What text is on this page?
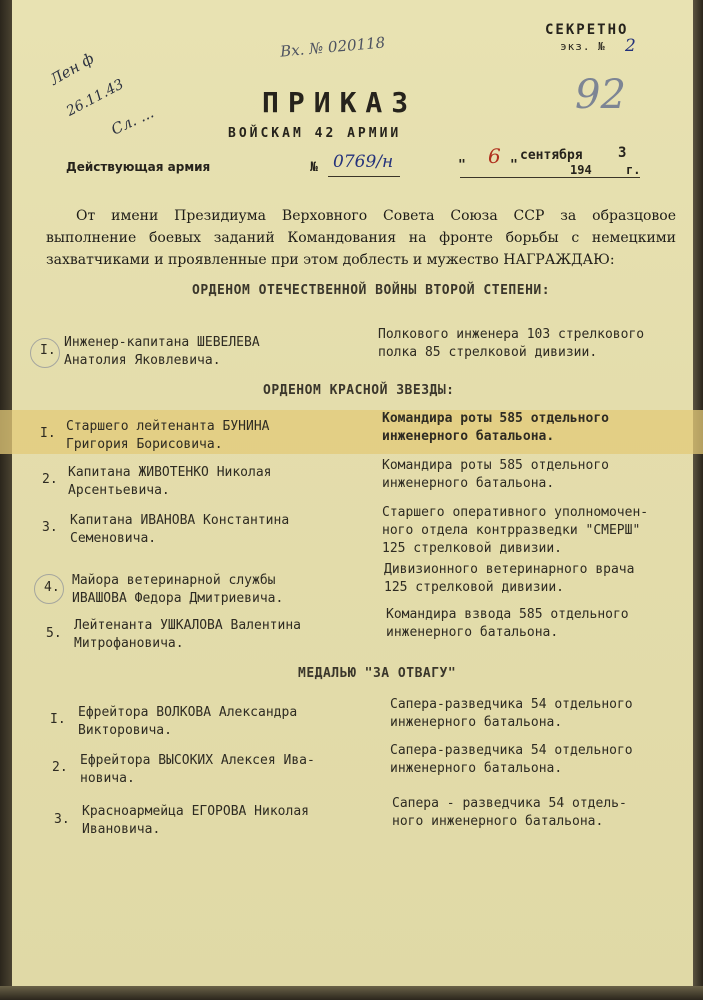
Лен ф
26.11.43
Сл. ...
Вх. № 020118
92
СЕКРЕТНО
экз. № 2
ПРИКАЗ
ВОЙСКАМ 42 АРМИИ
Действующая армия	№ 0769/н	" 6 "
сентября
194
3
г.
От имени Президиума Верховного Совета Союза ССР за образцовое выполнение боевых заданий Командования на фронте борьбы с немецкими захватчиками и проявленные при этом доблесть и мужество НАГРАЖДАЮ:
ОРДЕНОМ ОТЕЧЕСТВЕННОЙ ВОЙНЫ ВТОРОЙ СТЕПЕНИ:
I.
Инженер-капитана ШЕВЕЛЕВА
Анатолия Яковлевича.
Полкового инженера 103 стрелкового
полка 85 стрелковой дивизии.
ОРДЕНОМ КРАСНОЙ ЗВЕЗДЫ:
I. Старшего лейтенанта БУНИНА
Григория Борисовича.
Командира роты 585 отдельного
инженерного батальона.
2. Капитана ЖИВОТЕНКО Николая
Арсентьевича.
Командира роты 585 отдельного
инженерного батальона.
3. Капитана ИВАНОВА Константина
Семеновича.
Старшего оперативного уполномочен-
ного отдела контрразведки "СМЕРШ"
125 стрелковой дивизии.
4. Майора ветеринарной службы
ИВАШОВА Федора Дмитриевича.
Дивизионного ветеринарного врача
125 стрелковой дивизии.
5.
Лейтенанта УШКАЛОВА Валентина
Митрофановича.
Командира взвода 585 отдельного
инженерного батальона.
МЕДАЛЬЮ "ЗА ОТВАГУ"
I. Ефрейтора ВОЛКОВА Александра
Викторовича.
Сапера-разведчика 54 отдельного
инженерного батальона.
2. Ефрейтора ВЫСОКИХ Алексея Ива-
новича.
Сапера-разведчика 54 отдельного
инженерного батальона.
3.
Красноармейца ЕГОРОВА Николая
Ивановича.
Сапера - разведчика 54 отдель-
ного инженерного батальона.
